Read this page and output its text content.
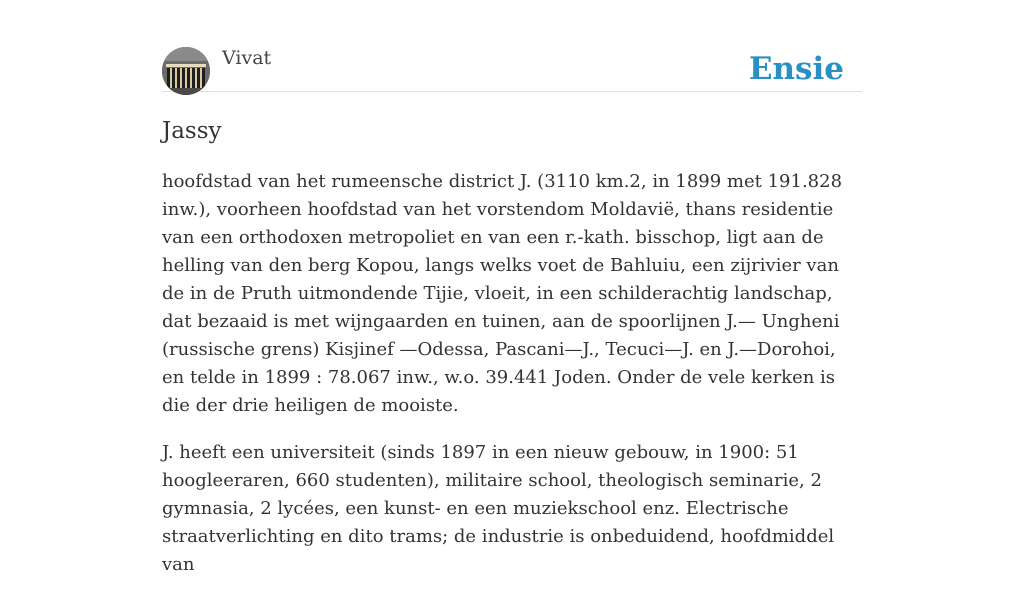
Vivat	Ensie
Jassy

hoofdstad van het rumeensche district J. (3110 km.2, in 1899 met 191.828 inw.), voorheen hoofdstad van het vorstendom Moldavië, thans residentie van een orthodoxen metropoliet en van een r.-kath. bisschop, ligt aan de helling van den berg Kopou, langs welks voet de Bahluiu, een zijrivier van de in de Pruth uitmondende Tijie, vloeit, in een schilderachtig landschap, dat bezaaid is met wijngaarden en tuinen, aan de spoorlijnen J.— Ungheni (russische grens) Kisjinef —Odessa, Pascani—J., Tecuci—J. en J.—Dorohoi, en telde in 1899 : 78.067 inw., w.o. 39.441 Joden. Onder de vele kerken is die der drie heiligen de mooiste.

J. heeft een universiteit (sinds 1897 in een nieuw gebouw, in 1900: 51 hoogleeraren, 660 studenten), militaire school, theologisch seminarie, 2 gymnasia, 2 lycées, een kunst- en een muziekschool enz. Electrische straatverlichting en dito trams; de industrie is onbeduidend, hoofdmiddel van
